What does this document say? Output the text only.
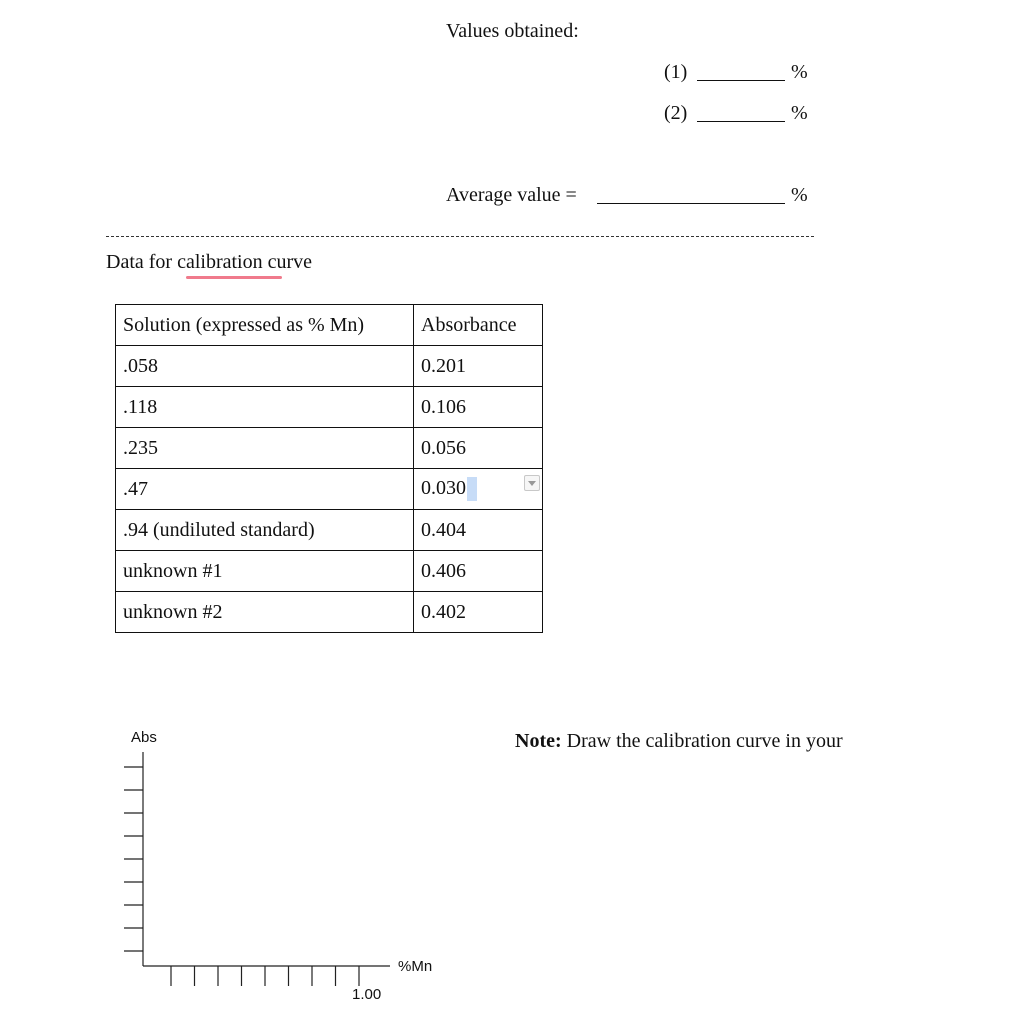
Values obtained:
(1)	%
(2)	%
Average value =	%
Data for calibration curve
Solution (expressed as % Mn)	Absorbance
.058	0.201
.118	0.106
.235	0.056
.47	0.030

.94 (undiluted standard)	0.404
unknown #1	0.406
unknown #2	0.402
Abs
%Mn
1.00
Note: Draw the calibration curve in your
